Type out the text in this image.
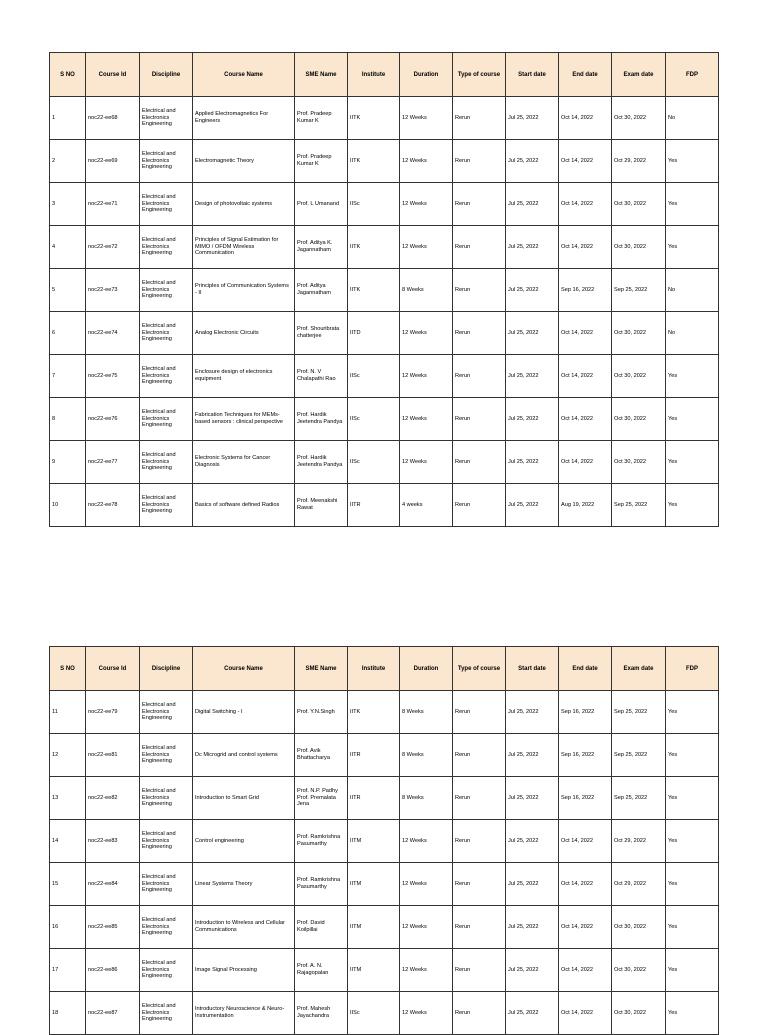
S NO	Course Id	Discipline	Course Name	SME Name	Institute	Duration	Type of course	Start date	End date	Exam date	FDP
1	noc22-ee68	Electrical and Electronics Engineering	Applied Electromagnetics For Engineers	Prof. Pradeep Kumar K	IITK	12 Weeks	Rerun	Jul 25, 2022	Oct 14, 2022	Oct 30, 2022	No
2	noc22-ee69	Electrical and Electronics Engineering	Electromagnetic Theory	Prof. Pradeep Kumar K	IITK	12 Weeks	Rerun	Jul 25, 2022	Oct 14, 2022	Oct 29, 2022	Yes
3	noc22-ee71	Electrical and Electronics Engineering	Design of photovoltaic systems	Prof. L Umanand	IISc	12 Weeks	Rerun	Jul 25, 2022	Oct 14, 2022	Oct 30, 2022	Yes
4	noc22-ee72	Electrical and Electronics Engineering	Principles of Signal Estimation for MIMO / OFDM Wireless Communication	Prof. Aditya K. Jagannatham	IITK	12 Weeks	Rerun	Jul 25, 2022	Oct 14, 2022	Oct 30, 2022	Yes
5	noc22-ee73	Electrical and Electronics Engineering	Principles of Communication Systems - II	Prof. Aditya Jagannatham	IITK	8 Weeks	Rerun	Jul 25, 2022	Sep 16, 2022	Sep 25, 2022	No
6	noc22-ee74	Electrical and Electronics Engineering	Analog Electronic Circuits	Prof. Shouribrata chatterjee	IITD	12 Weeks	Rerun	Jul 25, 2022	Oct 14, 2022	Oct 30, 2022	No
7	noc22-ee75	Electrical and Electronics Engineering	Enclosure design of electronics equipment	Prof. N. V Chalapathi Rao	IISc	12 Weeks	Rerun	Jul 25, 2022	Oct 14, 2022	Oct 30, 2022	Yes
8	noc22-ee76	Electrical and Electronics Engineering	Fabrication Techniques for MEMs-based sensors : clinical perspective	Prof. Hardik Jeetendra Pandya	IISc	12 Weeks	Rerun	Jul 25, 2022	Oct 14, 2022	Oct 30, 2022	Yes
9	noc22-ee77	Electrical and Electronics Engineering	Electronic Systems for Cancer Diagnosis	Prof. Hardik Jeetendra Pandya	IISc	12 Weeks	Rerun	Jul 25, 2022	Oct 14, 2022	Oct 30, 2022	Yes
10	noc22-ee78	Electrical and Electronics Engineering	Basics of software defined Radios	Prof. Meenakshi Rawat	IITR	4 weeks	Rerun	Jul 25, 2022	Aug 19, 2022	Sep 25, 2022	Yes
S NO	Course Id	Discipline	Course Name	SME Name	Institute	Duration	Type of course	Start date	End date	Exam date	FDP
11	noc22-ee79	Electrical and Electronics Engineering	Digital Switching - I	Prof. Y.N.Singh	IITK	8 Weeks	Rerun	Jul 25, 2022	Sep 16, 2022	Sep 25, 2022	Yes
12	noc22-ee81	Electrical and Electronics Engineering	Dc Microgrid and control systems	Prof. Avik Bhattacharya	IITR	8 Weeks	Rerun	Jul 25, 2022	Sep 16, 2022	Sep 25, 2022	Yes
13	noc22-ee82	Electrical and Electronics Engineering	Introduction to Smart Grid	Prof. N.P. Padhy Prof. Premalata Jena	IITR	8 Weeks	Rerun	Jul 25, 2022	Sep 16, 2022	Sep 25, 2022	Yes
14	noc22-ee83	Electrical and Electronics Engineering	Control engineering	Prof. Ramkrishna Pasumarthy	IITM	12 Weeks	Rerun	Jul 25, 2022	Oct 14, 2022	Oct 29, 2022	Yes
15	noc22-ee84	Electrical and Electronics Engineering	Linear Systems Theory	Prof. Ramkrishna Pasumarthy	IITM	12 Weeks	Rerun	Jul 25, 2022	Oct 14, 2022	Oct 29, 2022	Yes
16	noc22-ee85	Electrical and Electronics Engineering	Introduction to Wireless and Cellular Communications	Prof. David Koilpillai	IITM	12 Weeks	Rerun	Jul 25, 2022	Oct 14, 2022	Oct 30, 2022	Yes
17	noc22-ee86	Electrical and Electronics Engineering	Image Signal Processing	Prof. A. N. Rajagopalan	IITM	12 Weeks	Rerun	Jul 25, 2022	Oct 14, 2022	Oct 30, 2022	Yes
18	noc22-ee87	Electrical and Electronics Engineering	Introductory Neuroscience & Neuro-Instrumentation	Prof. Mahesh Jayachandra	IISc	12 Weeks	Rerun	Jul 25, 2022	Oct 14, 2022	Oct 30, 2022	Yes
